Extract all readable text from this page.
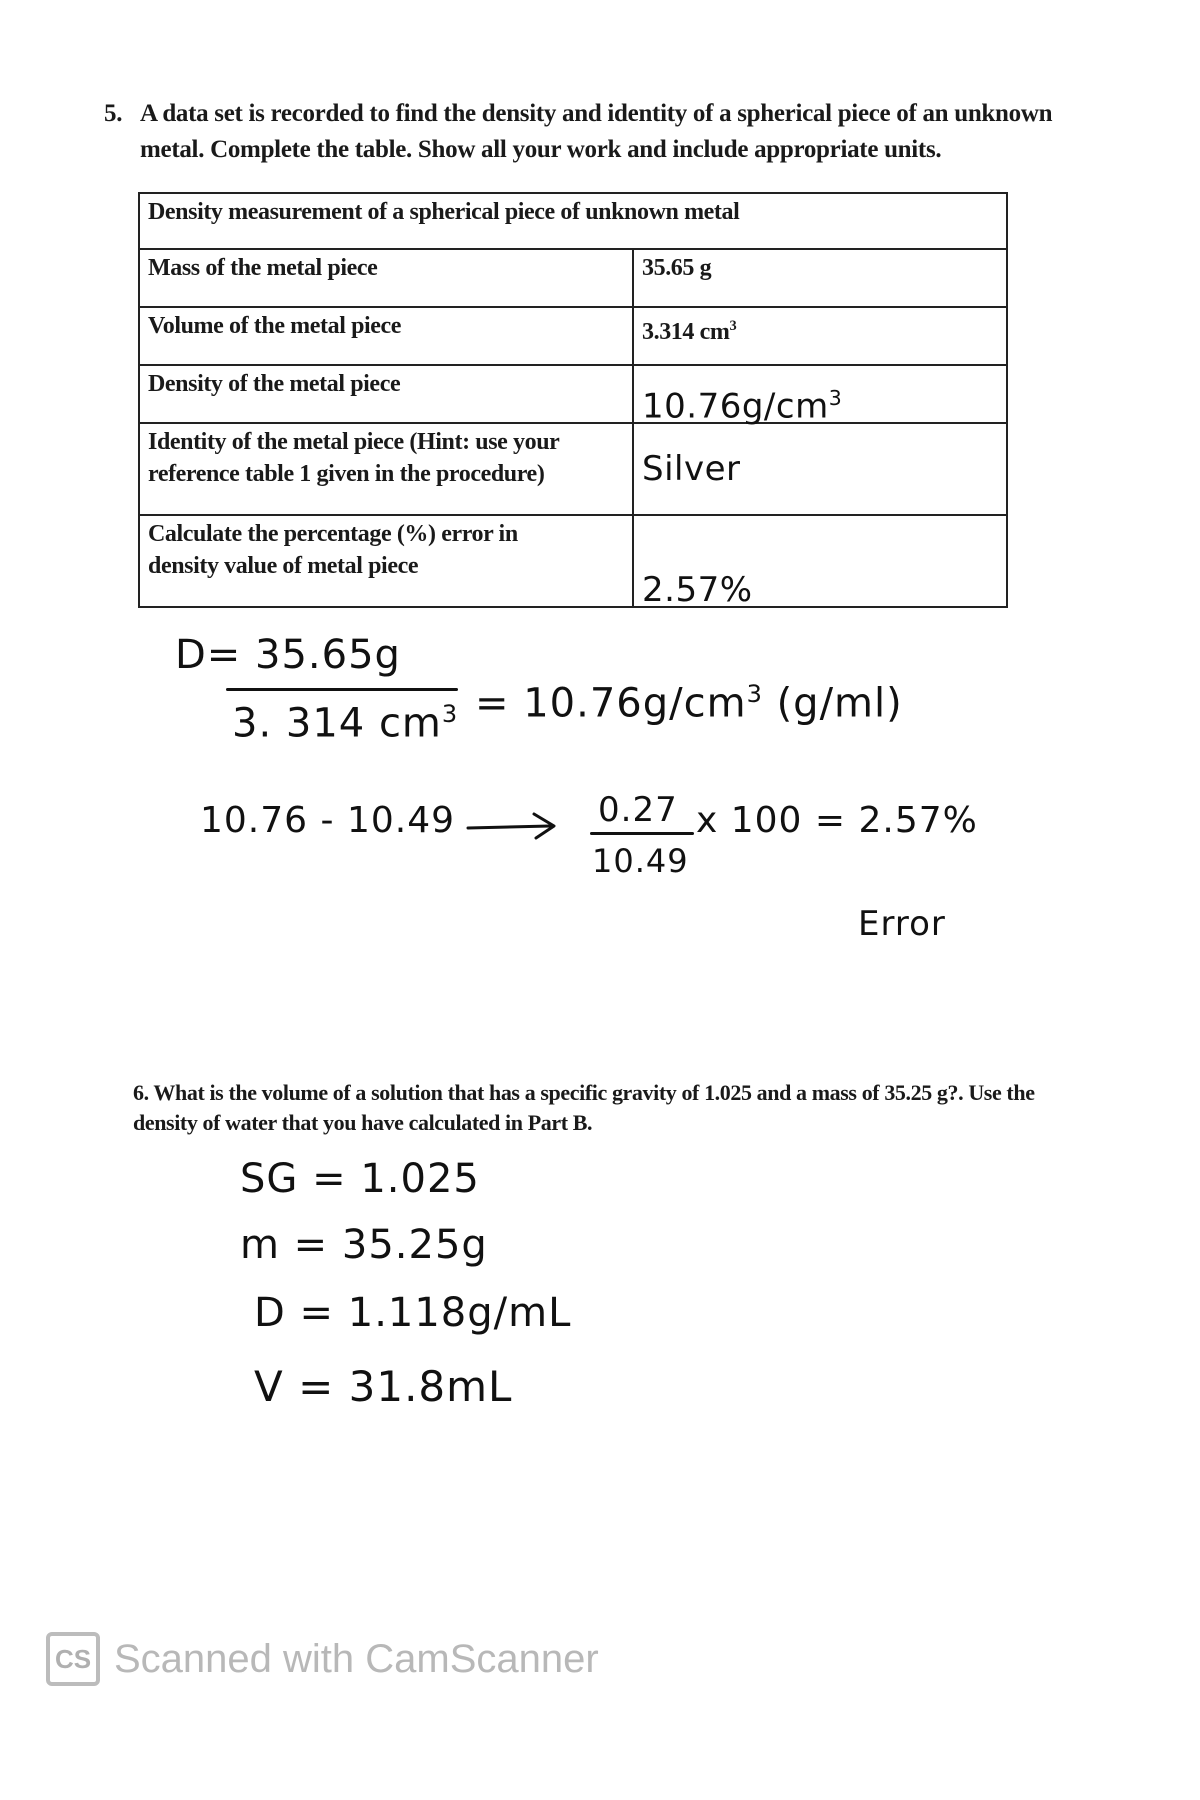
5. A data set is recorded to find the density and identity of a spherical piece of an unknown
metal. Complete the table. Show all your work and include appropriate units.
Density measurement of a spherical piece of unknown metal	
Mass of the metal piece	35.65 g
Volume of the metal piece	3.314 $cm^3$
Density of the metal piece	$10.76g/cm^3$

Identity of the metal piece (Hint: use your
reference table 1 given in the procedure)	Silver

Calculate the percentage (%) error in
density value of metal piece	2.57%
D= 35.65g
3. 314 $cm^3 = 10.76g/cm^3$ (g/ml)
10.76 - 10.49	0.27
10.49
x 100 = 2.57%
Error
6. What is the volume of a solution that has a specific gravity of 1.025 and a mass of 35.25 g?. Use the
density of water that you have calculated in Part B.
SG = 1.025
m = 35.25g
D = 1.118g/mL
V = 31.8mL
CS Scanned with CamScanner
